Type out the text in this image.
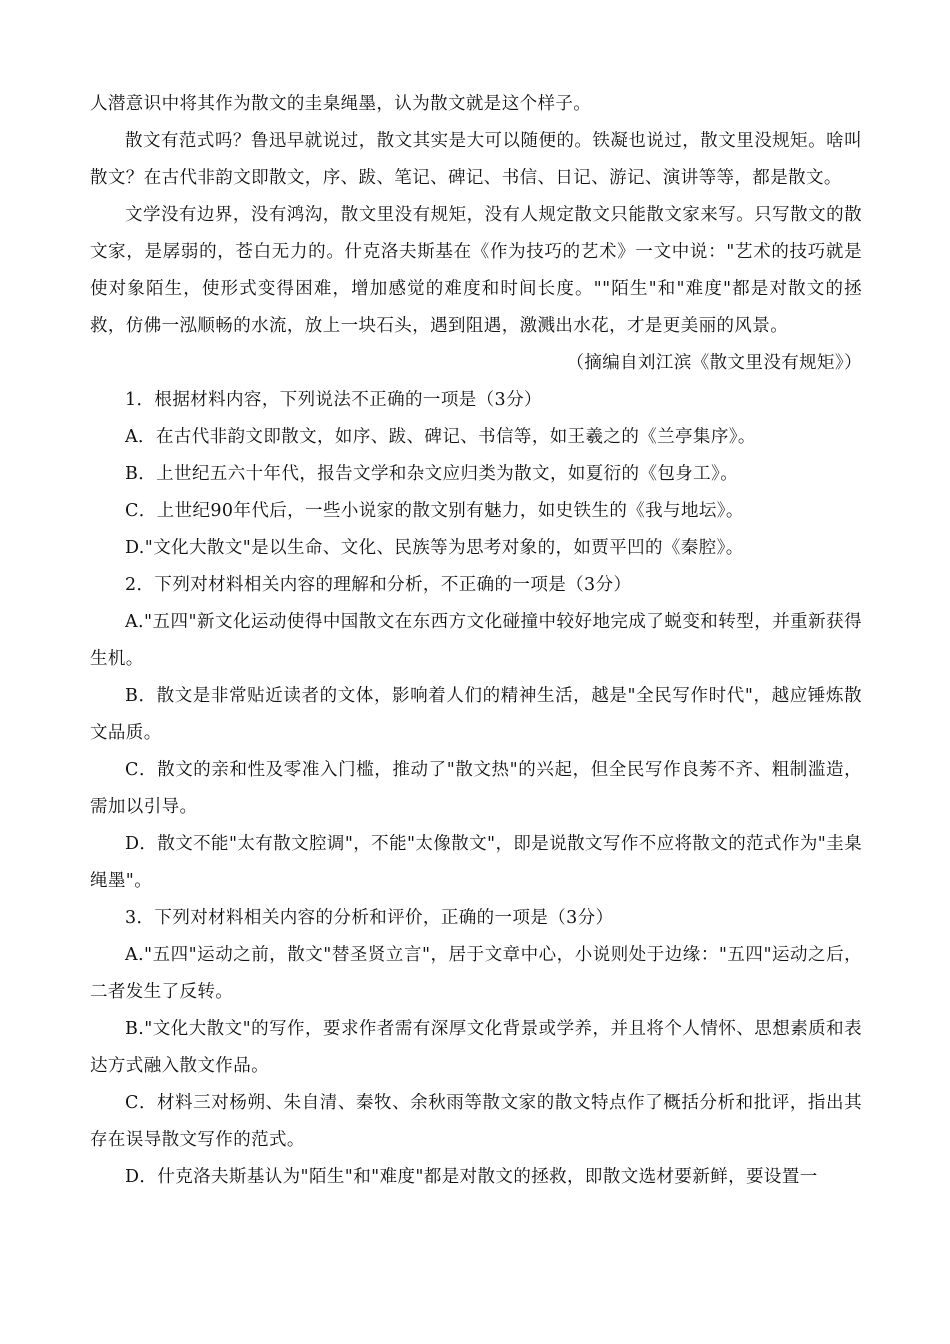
人潜意识中将其作为散文的圭臬绳墨，认为散文就是这个样子。

散文有范式吗？鲁迅早就说过，散文其实是大可以随便的。铁凝也说过，散文里没规矩。啥叫散文？在古代非韵文即散文，序、跋、笔记、碑记、书信、日记、游记、演讲等等，都是散文。

文学没有边界，没有鸿沟，散文里没有规矩，没有人规定散文只能散文家来写。只写散文的散文家，是孱弱的，苍白无力的。什克洛夫斯基在《作为技巧的艺术》一文中说："艺术的技巧就是使对象陌生，使形式变得困难，增加感觉的难度和时间长度。""陌生"和"难度"都是对散文的拯救，仿佛一泓顺畅的水流，放上一块石头，遇到阻遇，激溅出水花，才是更美丽的风景。

（摘编自刘江滨《散文里没有规矩》）

1．根据材料内容，下列说法不正确的一项是（3分）

A．在古代非韵文即散文，如序、跋、碑记、书信等，如王羲之的《兰亭集序》。

B．上世纪五六十年代，报告文学和杂文应归类为散文，如夏衍的《包身工》。

C．上世纪90年代后，一些小说家的散文别有魅力，如史铁生的《我与地坛》。

D."文化大散文"是以生命、文化、民族等为思考对象的，如贾平凹的《秦腔》。

2．下列对材料相关内容的理解和分析，不正确的一项是（3分）

A."五四"新文化运动使得中国散文在东西方文化碰撞中较好地完成了蜕变和转型，并重新获得生机。

B．散文是非常贴近读者的文体，影响着人们的精神生活，越是"全民写作时代"，越应锤炼散文品质。

C．散文的亲和性及零准入门槛，推动了"散文热"的兴起，但全民写作良莠不齐、粗制滥造，需加以引导。

D．散文不能"太有散文腔调"，不能"太像散文"，即是说散文写作不应将散文的范式作为"圭臬绳墨"。

3．下列对材料相关内容的分析和评价，正确的一项是（3分）

A."五四"运动之前，散文"替圣贤立言"，居于文章中心，小说则处于边缘："五四"运动之后，二者发生了反转。

B."文化大散文"的写作，要求作者需有深厚文化背景或学养，并且将个人情怀、思想素质和表达方式融入散文作品。

C．材料三对杨朔、朱自清、秦牧、余秋雨等散文家的散文特点作了概括分析和批评，指出其存在误导散文写作的范式。

D．什克洛夫斯基认为"陌生"和"难度"都是对散文的拯救，即散文选材要新鲜，要设置一
